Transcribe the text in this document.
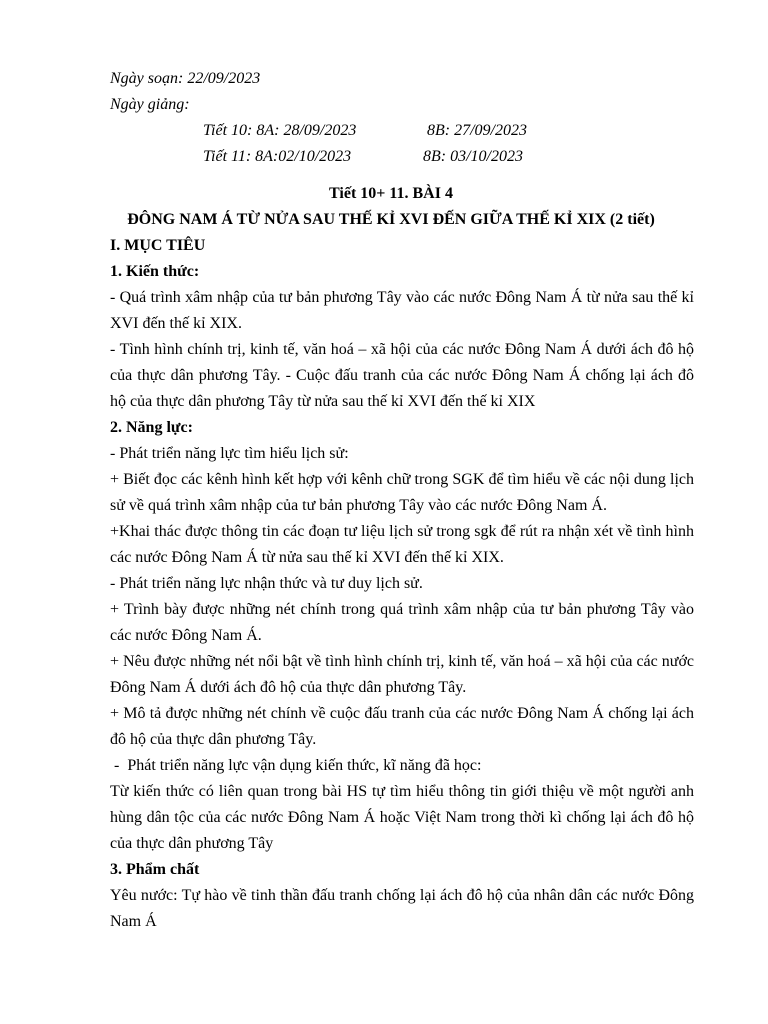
Ngày soạn: 22/09/2023
Ngày giảng:
Tiết 10: 8A: 28/09/2023	8B: 27/09/2023
Tiết 11: 8A:02/10/2023	8B: 03/10/2023
Tiết 10+ 11. BÀI 4
ĐÔNG NAM Á TỪ NỬA SAU THẾ KỈ XVI ĐẾN GIỮA THẾ KỈ XIX (2 tiết)
I. MỤC TIÊU
1. Kiến thức:
- Quá trình xâm nhập của tư bản phương Tây vào các nước Đông Nam Á từ nửa sau thế kỉ XVI đến thế kỉ XIX.
- Tình hình chính trị, kinh tế, văn hoá – xã hội của các nước Đông Nam Á dưới ách đô hộ của thực dân phương Tây. - Cuộc đấu tranh của các nước Đông Nam Á chống lại ách đô hộ của thực dân phương Tây từ nửa sau thế kỉ XVI đến thế kỉ XIX
2. Năng lực:
- Phát triển năng lực tìm hiểu lịch sử:
+ Biết đọc các kênh hình kết hợp với kênh chữ trong SGK để tìm hiểu về các nội dung lịch sử về quá trình xâm nhập của tư bản phương Tây vào các nước Đông Nam Á.
+Khai thác được thông tin các đoạn tư liệu lịch sử trong sgk để rút ra nhận xét về tình hình các nước Đông Nam Á từ nửa sau thế kỉ XVI đến thế kỉ XIX.
- Phát triển năng lực nhận thức và tư duy lịch sử.
+ Trình bày được những nét chính trong quá trình xâm nhập của tư bản phương Tây vào các nước Đông Nam Á.
+ Nêu được những nét nổi bật về tình hình chính trị, kinh tế, văn hoá – xã hội của các nước Đông Nam Á dưới ách đô hộ của thực dân phương Tây.
+ Mô tả được những nét chính về cuộc đấu tranh của các nước Đông Nam Á chống lại ách đô hộ của thực dân phương Tây.
-  Phát triển năng lực vận dụng kiến thức, kĩ năng đã học:
Từ kiến thức có liên quan trong bài HS tự tìm hiểu thông tin giới thiệu về một người anh hùng dân tộc của các nước Đông Nam Á hoặc Việt Nam trong thời kì chống lại ách đô hộ của thực dân phương Tây
3. Phẩm chất
Yêu nước: Tự hào về tinh thần đấu tranh chống lại ách đô hộ của nhân dân các nước Đông Nam Á
